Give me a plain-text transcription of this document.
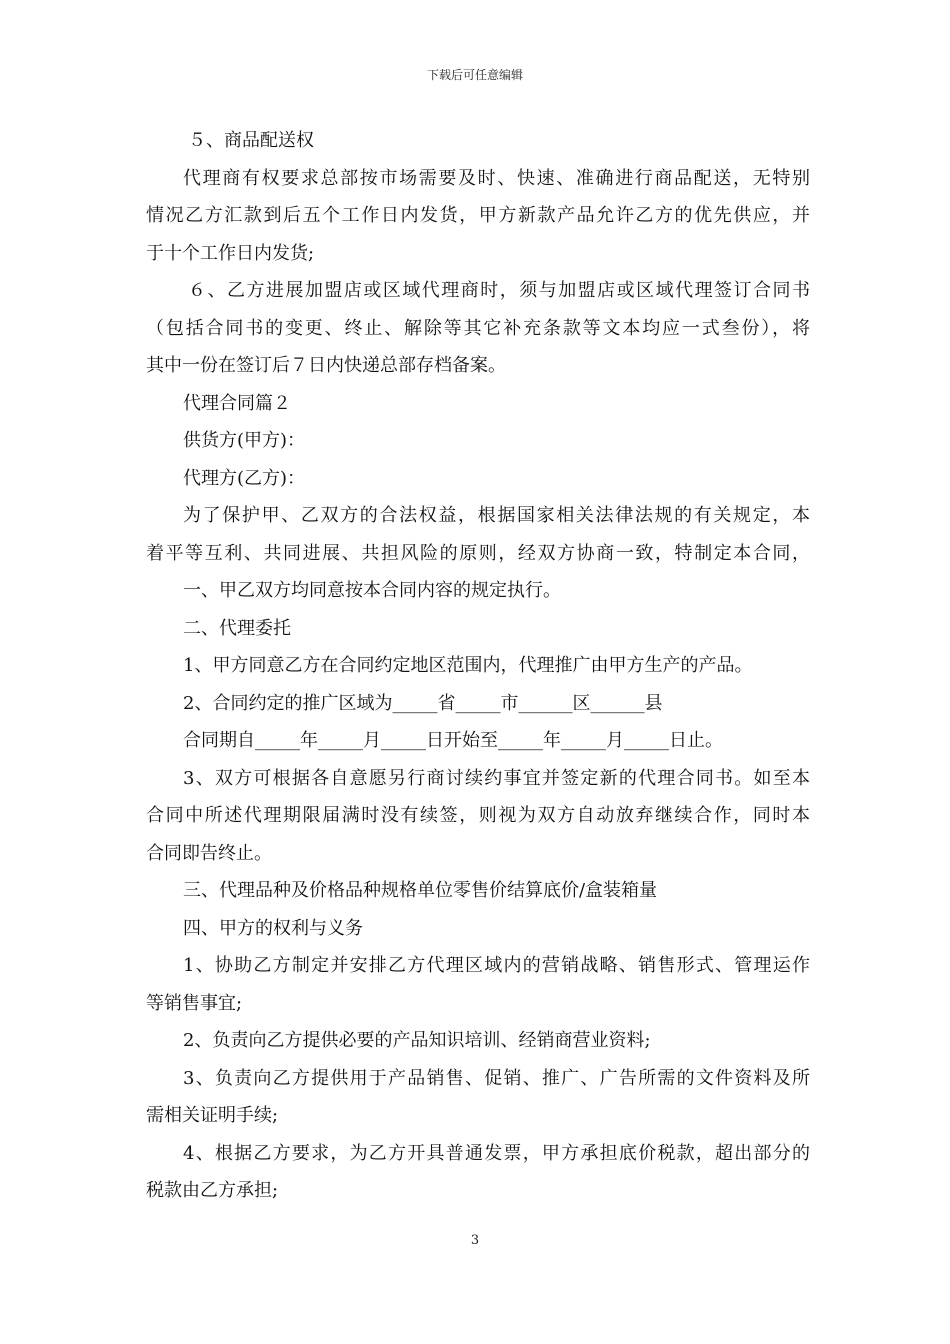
下载后可任意编辑
５、商品配送权
代理商有权要求总部按市场需要及时、快速、准确进行商品配送，无特别
情况乙方汇款到后五个工作日内发货，甲方新款产品允许乙方的优先供应，并
于十个工作日内发货;
６、乙方进展加盟店或区域代理商时，须与加盟店或区域代理签订合同书
（包括合同书的变更、终止、解除等其它补充条款等文本均应一式叁份），将
其中一份在签订后７日内快递总部存档备案。
代理合同篇２
供货方(甲方)：
代理方(乙方)：
为了保护甲、乙双方的合法权益，根据国家相关法律法规的有关规定，本
着平等互利、共同进展、共担风险的原则，经双方协商一致，特制定本合同，
一、甲乙双方均同意按本合同内容的规定执行。
二、代理委托
1、甲方同意乙方在合同约定地区范围内，代理推广由甲方生产的产品。
2、合同约定的推广区域为_____省_____市______区______县
合同期自_____年_____月_____日开始至_____年_____月_____日止。
3、双方可根据各自意愿另行商讨续约事宜并签定新的代理合同书。如至本
合同中所述代理期限届满时没有续签，则视为双方自动放弃继续合作，同时本
合同即告终止。
三、代理品种及价格品种规格单位零售价结算底价/盒装箱量
四、甲方的权利与义务
1、协助乙方制定并安排乙方代理区域内的营销战略、销售形式、管理运作
等销售事宜;
2、负责向乙方提供必要的产品知识培训、经销商营业资料;
3、负责向乙方提供用于产品销售、促销、推广、广告所需的文件资料及所
需相关证明手续;
4、根据乙方要求，为乙方开具普通发票，甲方承担底价税款，超出部分的
税款由乙方承担;
3
